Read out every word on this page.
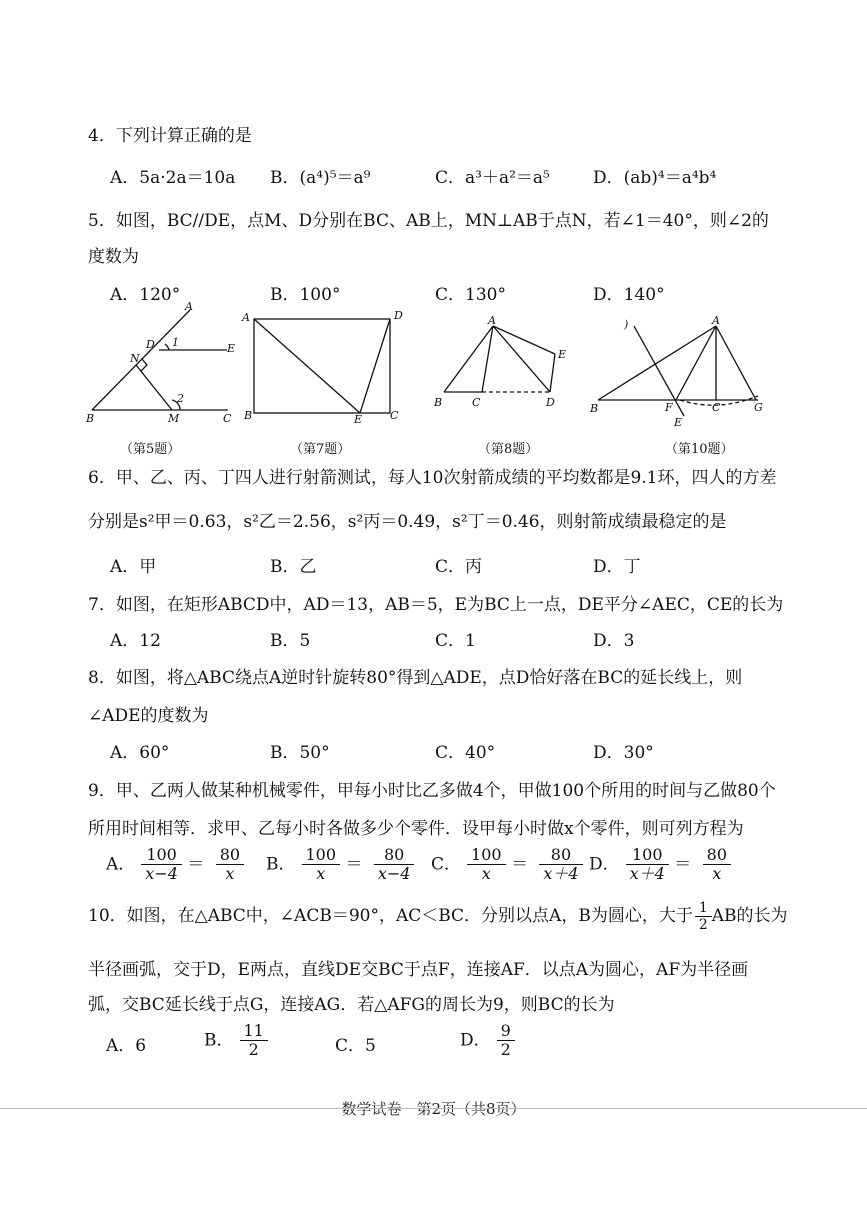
4．下列计算正确的是
A．5a·2a＝10a B．(a⁴)⁵＝a⁹	C．a³＋a²＝a⁵	D．(ab)⁴＝a⁴b⁴
5．如图，BC//DE，点M、D分别在BC、AB上，MN⊥AB于点N，若∠1＝40°，则∠2的
度数为
A．120°	B．100°	C．130°	D．140°
A
D 1	E
N
2
B	M	C
（第5题）
A	D
B	E	C
（第7题）
A
E
B	C	D
（第8题）
)	A
B	F	C	G
E
（第10题）
6．甲、乙、丙、丁四人进行射箭测试，每人10次射箭成绩的平均数都是9.1环，四人的方差
分别是s²甲＝0.63，s²乙＝2.56，s²丙＝0.49，s²丁＝0.46，则射箭成绩最稳定的是
A．甲	B．乙	C．丙	D．丁
7．如图，在矩形ABCD中，AD＝13，AB＝5，E为BC上一点，DE平分∠AEC，CE的长为
A．12	B．5	C．1	D．3
8．如图，将△ABC绕点A逆时针旋转80°得到△ADE，点D恰好落在BC的延长线上，则
∠ADE的度数为
A．60°	B．50°	C．40°	D．30°
9．甲、乙两人做某种机械零件，甲每小时比乙多做4个，甲做100个所用的时间与乙做80个
所用时间相等．求甲、乙每小时各做多少个零件．设甲每小时做x个零件，则可列方程为
A． $\frac{100}{x-4} = \frac{80}{x}$ B． $\frac{100}{x} = \frac{80}{x-4}$ C． $\frac{100}{x} = \frac{80}{x+4}$ D． $\frac{100}{x+4} = \frac{80}{x}$
10．如图，在△ABC中，∠ACB＝90°，AC＜BC．分别以点A，B为圆心，大于 $\frac{1}{2}$ AB的长为
半径画弧，交于D，E两点，直线DE交BC于点F，连接AF．以点A为圆心，AF为半径画
弧，交BC延长线于点G，连接AG．若△AFG的周长为9，则BC的长为
A．6	B． $\frac{11}{2}$	C．5	D． $\frac{9}{2}$
数学试卷　第2页（共8页）
